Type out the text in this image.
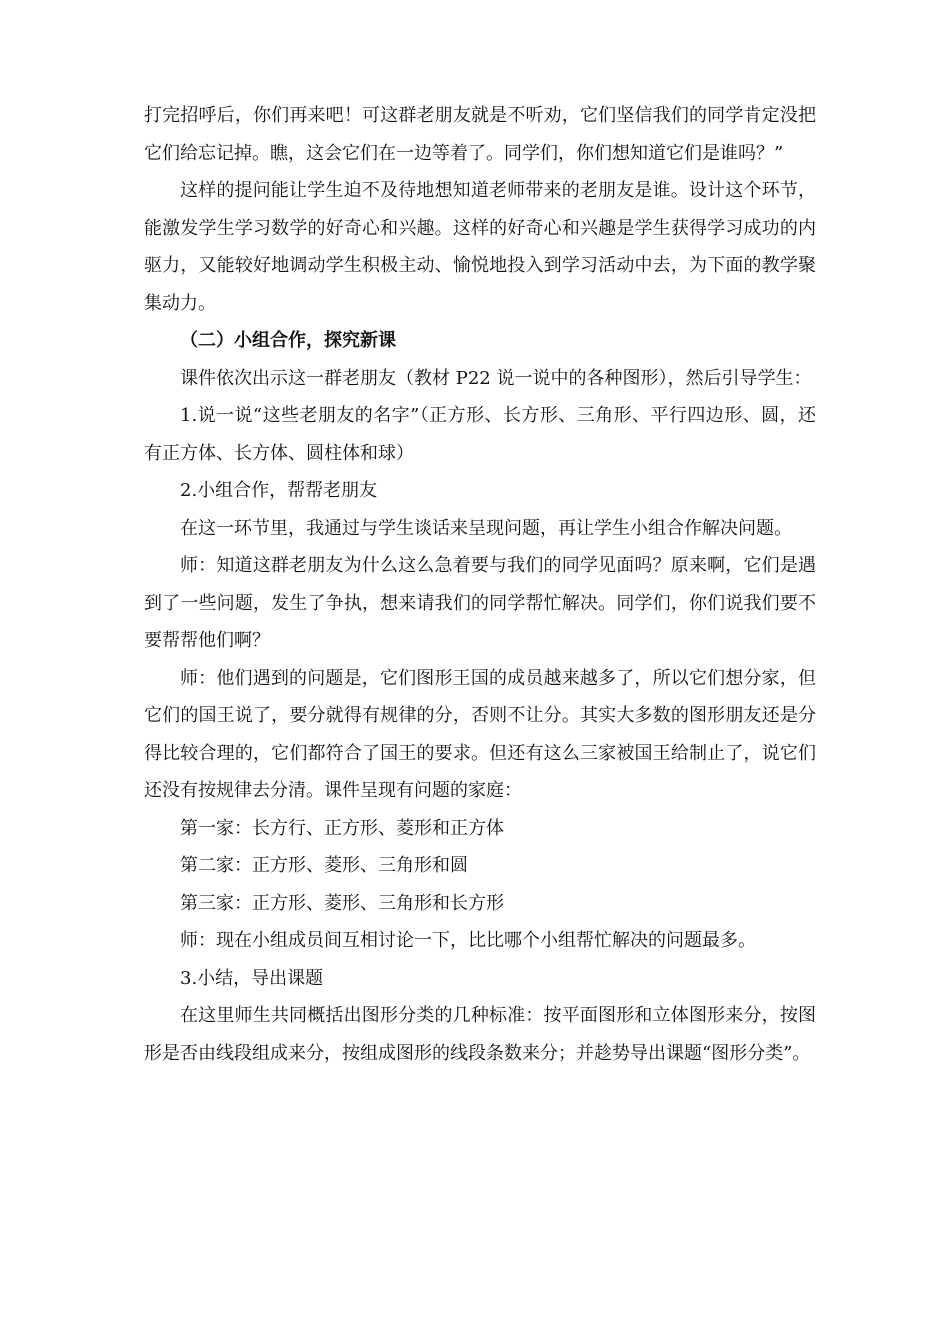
打完招呼后，你们再来吧！可这群老朋友就是不听劝，它们坚信我们的同学肯定没把它们给忘记掉。瞧，这会它们在一边等着了。同学们，你们想知道它们是谁吗？”

这样的提问能让学生迫不及待地想知道老师带来的老朋友是谁。设计这个环节，能激发学生学习数学的好奇心和兴趣。这样的好奇心和兴趣是学生获得学习成功的内驱力，又能较好地调动学生积极主动、愉悦地投入到学习活动中去，为下面的教学聚集动力。

（二）小组合作，探究新课

课件依次出示这一群老朋友（教材 P22 说一说中的各种图形），然后引导学生：

1.说一说“这些老朋友的名字”（正方形、长方形、三角形、平行四边形、圆，还有正方体、长方体、圆柱体和球）

2.小组合作，帮帮老朋友

在这一环节里，我通过与学生谈话来呈现问题，再让学生小组合作解决问题。

师：知道这群老朋友为什么这么急着要与我们的同学见面吗？原来啊，它们是遇到了一些问题，发生了争执，想来请我们的同学帮忙解决。同学们，你们说我们要不要帮帮他们啊？

师：他们遇到的问题是，它们图形王国的成员越来越多了，所以它们想分家，但它们的国王说了，要分就得有规律的分，否则不让分。其实大多数的图形朋友还是分得比较合理的，它们都符合了国王的要求。但还有这么三家被国王给制止了，说它们还没有按规律去分清。课件呈现有问题的家庭：

第一家：长方行、正方形、菱形和正方体

第二家：正方形、菱形、三角形和圆

第三家：正方形、菱形、三角形和长方形

师：现在小组成员间互相讨论一下，比比哪个小组帮忙解决的问题最多。

3.小结，导出课题

在这里师生共同概括出图形分类的几种标准：按平面图形和立体图形来分，按图形是否由线段组成来分，按组成图形的线段条数来分；并趁势导出课题“图形分类”。
